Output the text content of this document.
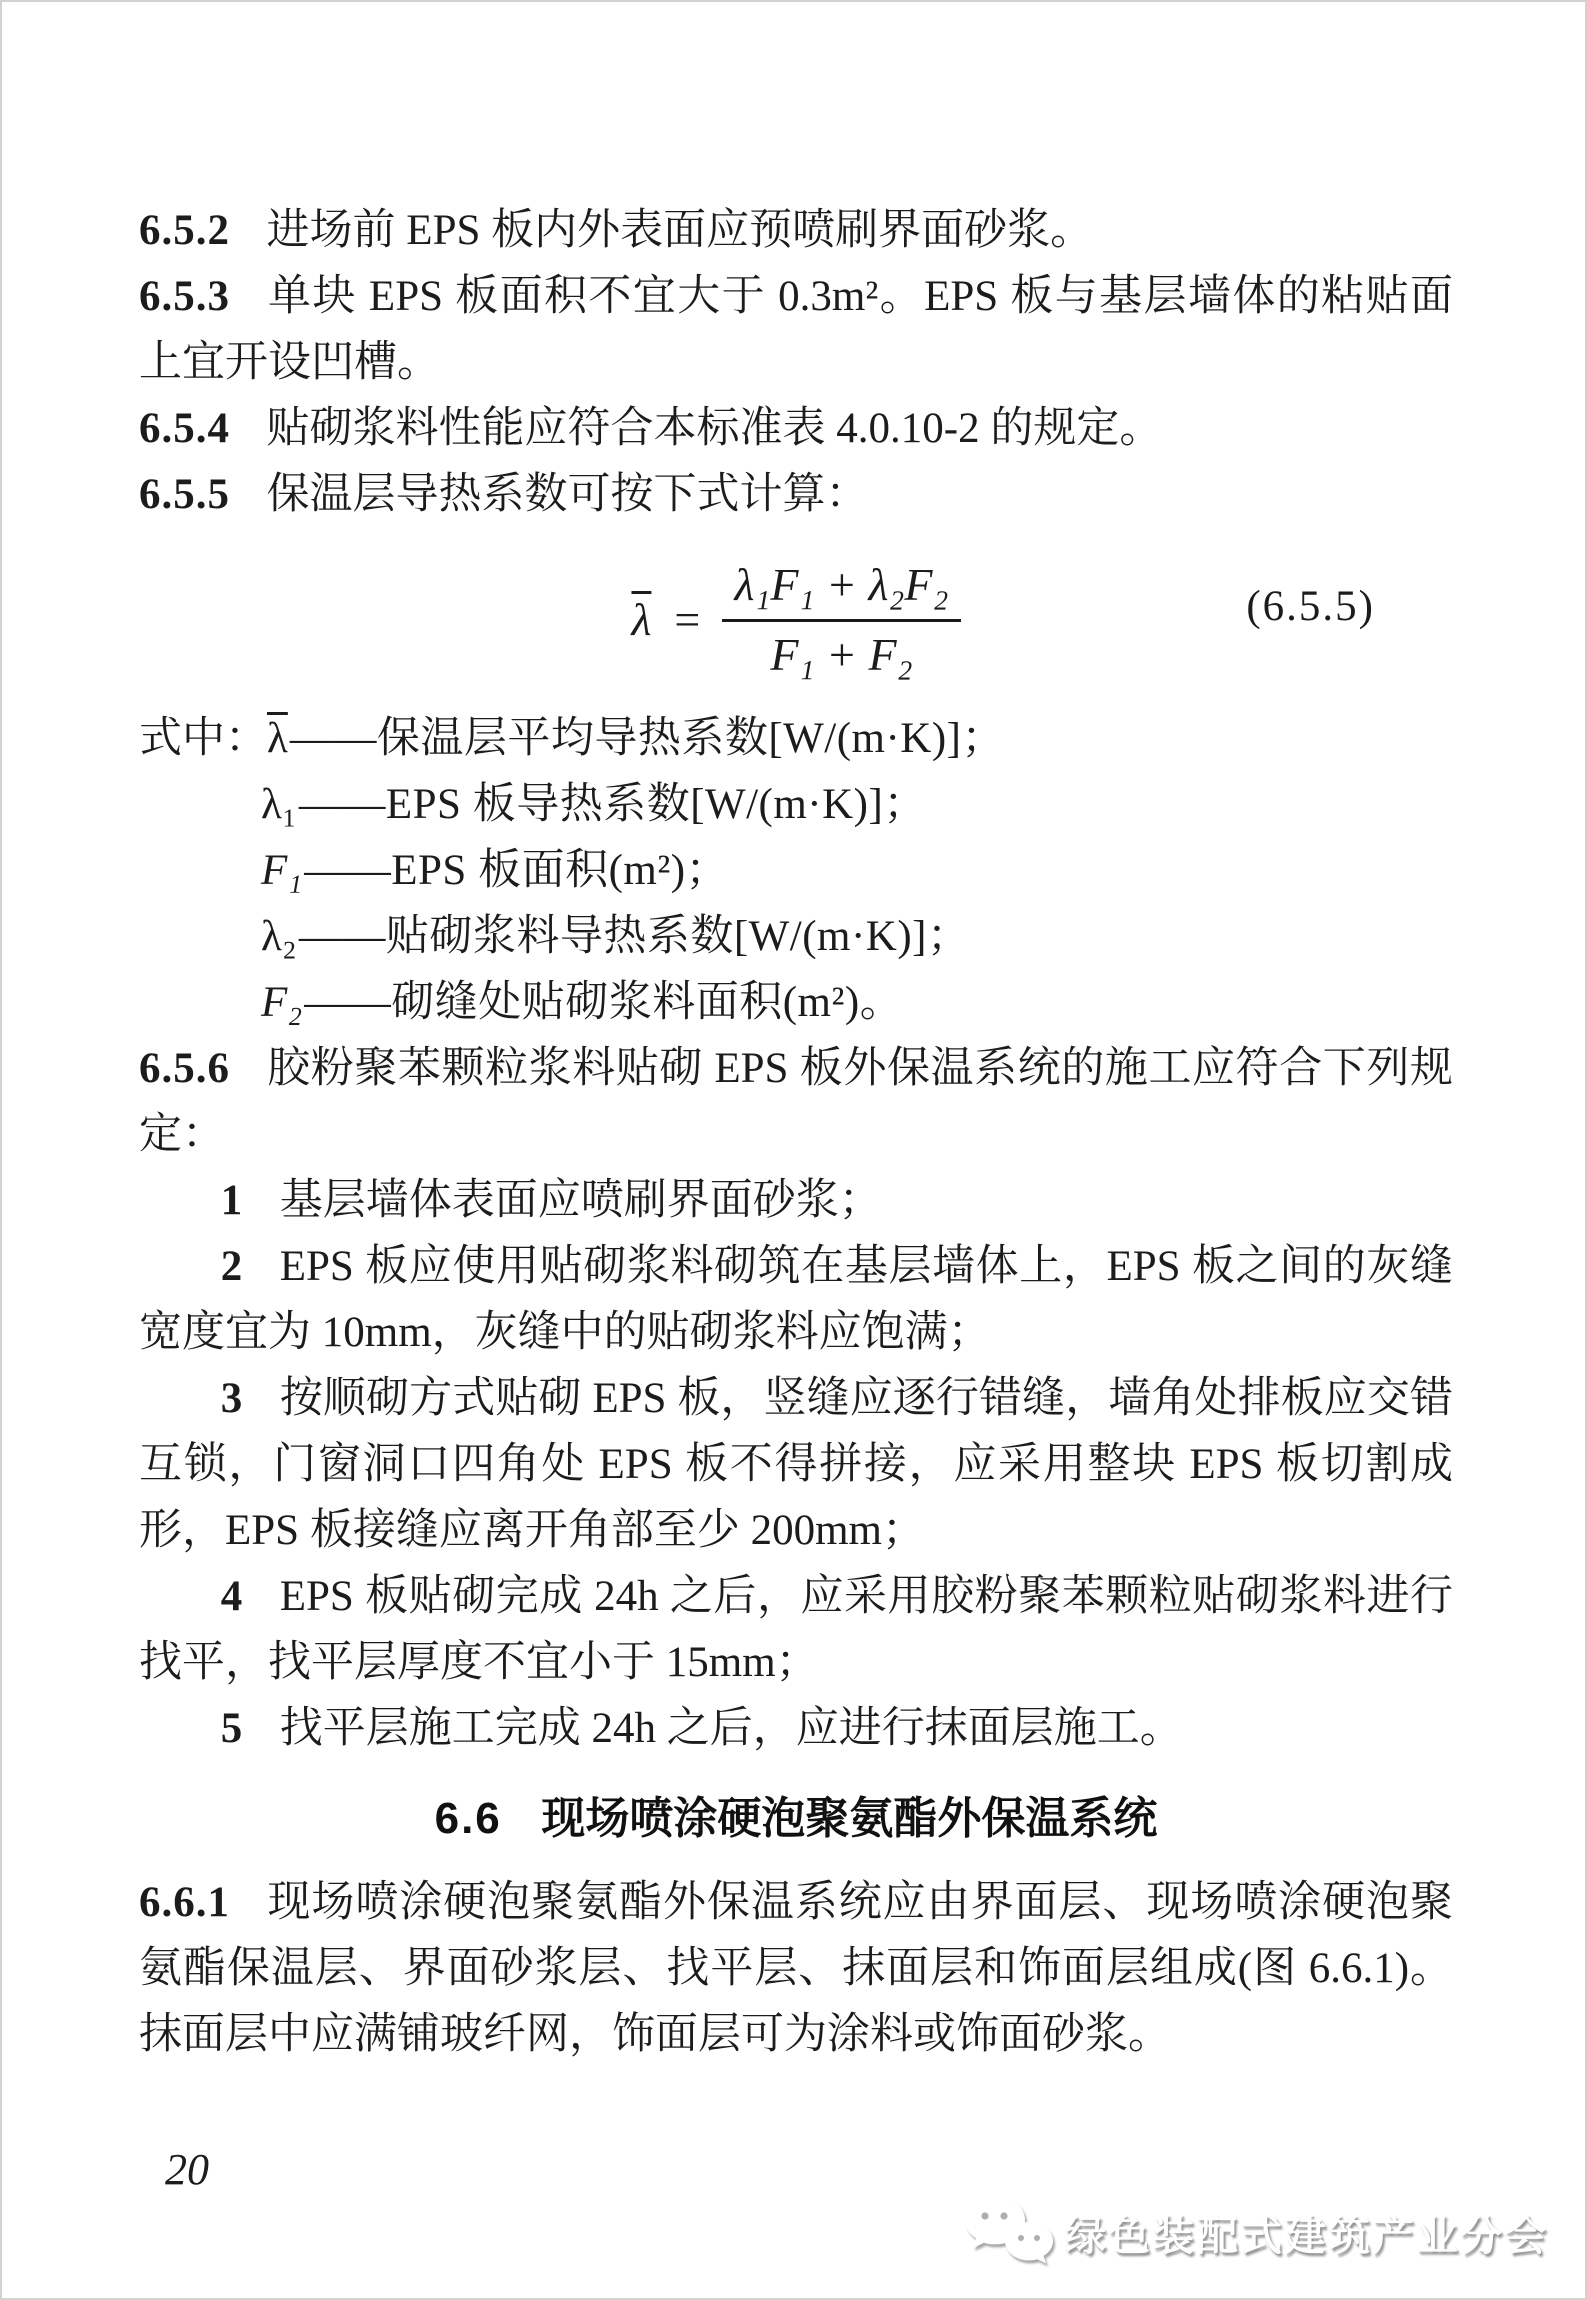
6.5.2 进场前 EPS 板内外表面应预喷刷界面砂浆。

6.5.3 单块 EPS 板面积不宜大于 0.3m²。EPS 板与基层墙体的粘贴面上宜开设凹槽。

6.5.4 贴砌浆料性能应符合本标准表 4.0.10-2 的规定。

6.5.5 保温层导热系数可按下式计算：

$\overline{\lambda} = \frac{\text{λ₁F₁ + λ₂F₂}}{\text{F₁ + F₂}}$	(6.5.5)

式中：$\overline{\lambda}——$保温层平均导热系数[W/(m·K)]；

λ₁——EPS 板导热系数[W/(m·K)]；

F₁——EPS 板面积(m²)；

λ₂——贴砌浆料导热系数[W/(m·K)]；

F₂——砌缝处贴砌浆料面积(m²)。

6.5.6 胶粉聚苯颗粒浆料贴砌 EPS 板外保温系统的施工应符合下列规定：

1 基层墙体表面应喷刷界面砂浆；

2 EPS 板应使用贴砌浆料砌筑在基层墙体上，EPS 板之间的灰缝宽度宜为 10mm，灰缝中的贴砌浆料应饱满；

3 按顺砌方式贴砌 EPS 板，竖缝应逐行错缝，墙角处排板应交错互锁，门窗洞口四角处 EPS 板不得拼接，应采用整块 EPS 板切割成形，EPS 板接缝应离开角部至少 200mm；

4 EPS 板贴砌完成 24h 之后，应采用胶粉聚苯颗粒贴砌浆料进行找平，找平层厚度不宜小于 15mm；

5 找平层施工完成 24h 之后，应进行抹面层施工。

6.6 现场喷涂硬泡聚氨酯外保温系统

6.6.1 现场喷涂硬泡聚氨酯外保温系统应由界面层、现场喷涂硬泡聚氨酯保温层、界面砂浆层、找平层、抹面层和饰面层组成(图 6.6.1)。抹面层中应满铺玻纤网，饰面层可为涂料或饰面砂浆。

20
绿色装配式建筑产业分会
